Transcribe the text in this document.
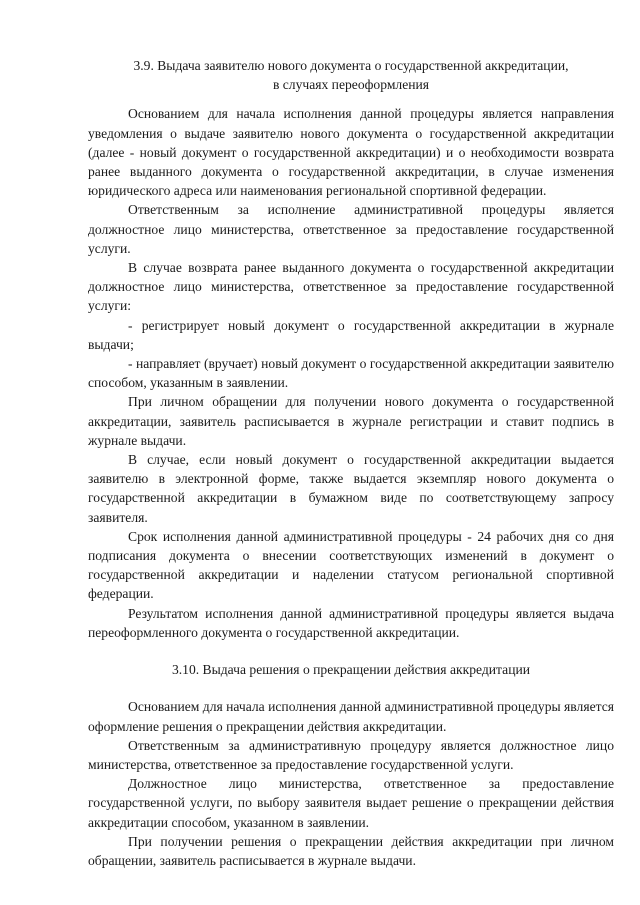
3.9. Выдача заявителю нового документа о государственной аккредитации,
в случаях переоформления

Основанием для начала исполнения данной процедуры является направления уведомления о выдаче заявителю нового документа о государственной аккредитации (далее - новый документ о государственной аккредитации) и о необходимости возврата ранее выданного документа о государственной аккредитации, в случае изменения юридического адреса или наименования региональной спортивной федерации.

Ответственным за исполнение административной процедуры является должностное лицо министерства, ответственное за предоставление государственной услуги.

В случае возврата ранее выданного документа о государственной аккредитации должностное лицо министерства, ответственное за предоставление государственной услуги:

- регистрирует новый документ о государственной аккредитации в журнале выдачи;

- направляет (вручает) новый документ о государственной аккредитации заявителю способом, указанным в заявлении.

При личном обращении для получении нового документа о государственной аккредитации, заявитель расписывается в журнале регистрации и ставит подпись в журнале выдачи.

В случае, если новый документ о государственной аккредитации выдается заявителю в электронной форме, также выдается экземпляр нового документа о государственной аккредитации в бумажном виде по соответствующему запросу заявителя.

Срок исполнения данной административной процедуры - 24 рабочих дня со дня подписания документа о внесении соответствующих изменений в документ о государственной аккредитации и наделении статусом региональной спортивной федерации.

Результатом исполнения данной административной процедуры является выдача переоформленного документа о государственной аккредитации.

3.10. Выдача решения о прекращении действия аккредитации

Основанием для начала исполнения данной административной процедуры является оформление решения о прекращении действия аккредитации.

Ответственным за административную процедуру является должностное лицо министерства, ответственное за предоставление государственной услуги.

Должностное лицо министерства, ответственное за предоставление государственной услуги, по выбору заявителя выдает решение о прекращении действия аккредитации способом, указанном в заявлении.

При получении решения о прекращении действия аккредитации при личном обращении, заявитель расписывается в журнале выдачи.
